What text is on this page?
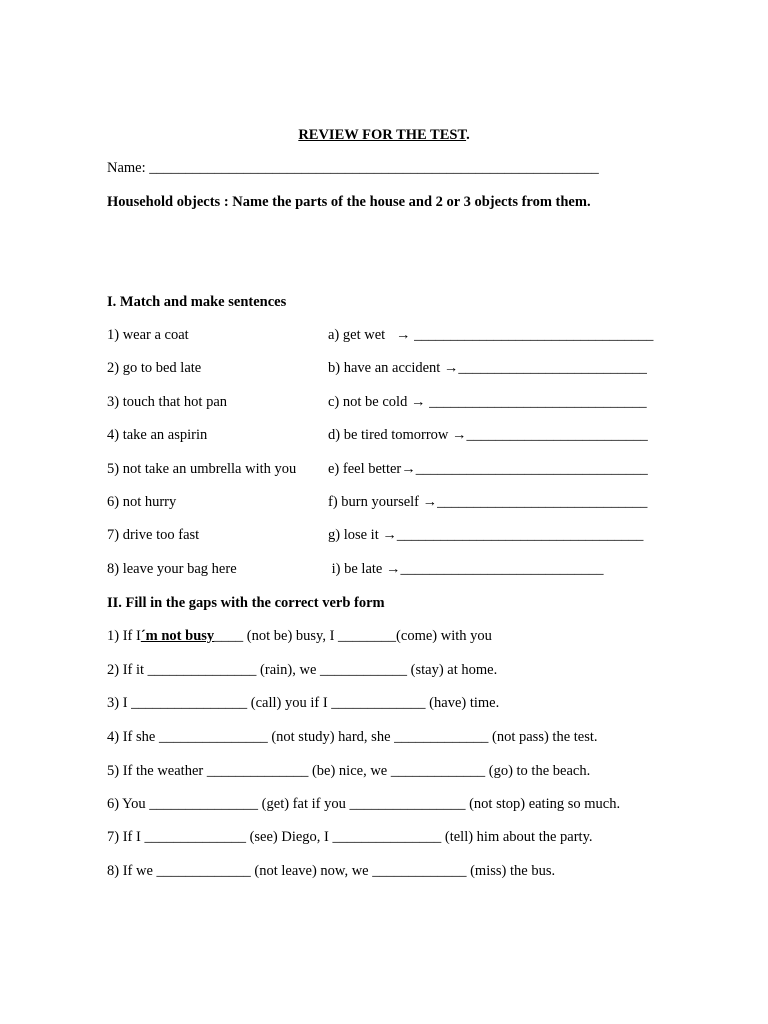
REVIEW FOR THE TEST.
Name: ______________________________________________________________
Household objects : Name the parts of the house and 2 or 3 objects from them.
I. Match and make sentences
1) wear a coat
2) go to bed late
3) touch that hot pan
4) take an aspirin
5) not take an umbrella with you
6) not hurry
7) drive too fast
8) leave your bag here
a) get wet   → _________________________________
b) have an accident →__________________________
c) not be cold → ______________________________
d) be tired tomorrow →_________________________
e) feel better→________________________________
f) burn yourself →_____________________________
g) lose it →__________________________________
i) be late →____________________________
II. Fill in the gaps with the correct verb form
1) If I´m not busy____ (not be) busy, I ________(come) with you
2) If it _______________ (rain), we ____________ (stay) at home.
3) I ________________ (call) you if I _____________ (have) time.
4) If she _______________ (not study) hard, she _____________ (not pass) the test.
5) If the weather ______________ (be) nice, we _____________ (go) to the beach.
6) You _______________ (get) fat if you ________________ (not stop) eating so much.
7) If I ______________ (see) Diego, I _______________ (tell) him about the party.
8) If we _____________ (not leave) now, we _____________ (miss) the bus.
